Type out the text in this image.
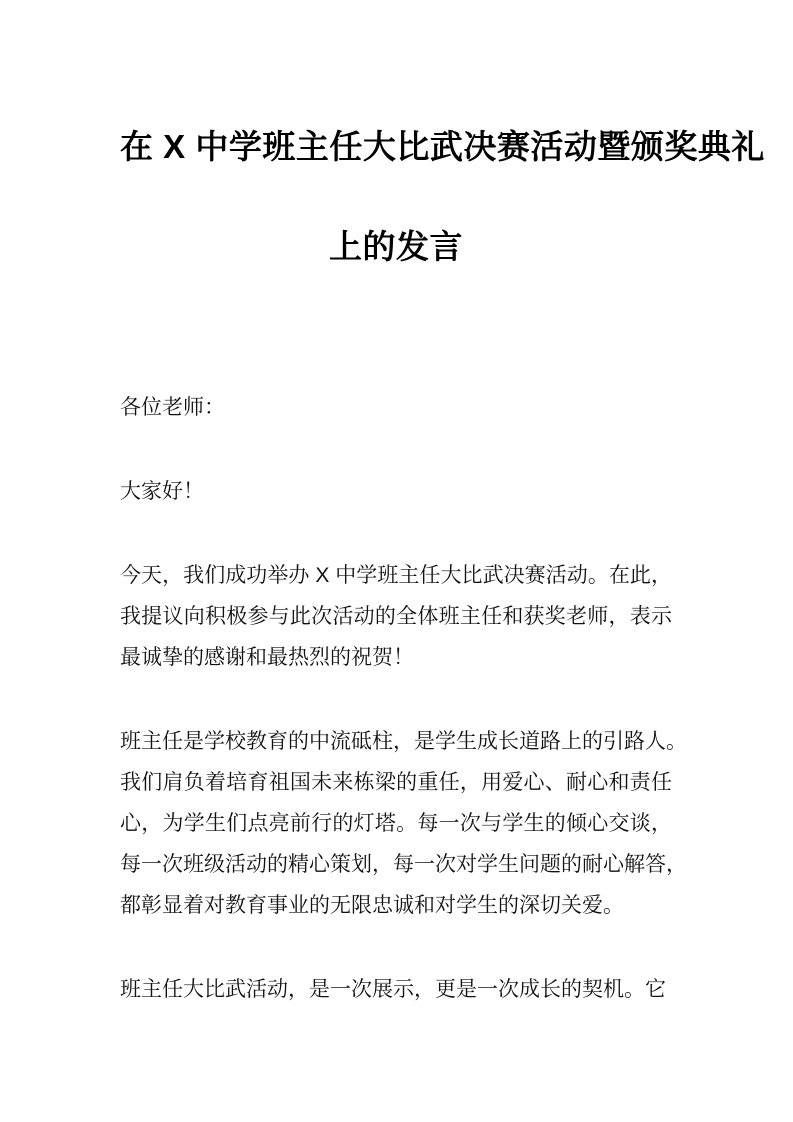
在 X 中学班主任大比武决赛活动暨颁奖典礼
上的发言

各位老师：

大家好！

今天，我们成功举办 X 中学班主任大比武决赛活动。在此，
我提议向积极参与此次活动的全体班主任和获奖老师，表示
最诚挚的感谢和最热烈的祝贺！

班主任是学校教育的中流砥柱，是学生成长道路上的引路人。
我们肩负着培育祖国未来栋梁的重任，用爱心、耐心和责任
心，为学生们点亮前行的灯塔。每一次与学生的倾心交谈，
每一次班级活动的精心策划，每一次对学生问题的耐心解答，
都彰显着对教育事业的无限忠诚和对学生的深切关爱。

班主任大比武活动，是一次展示，更是一次成长的契机。它
